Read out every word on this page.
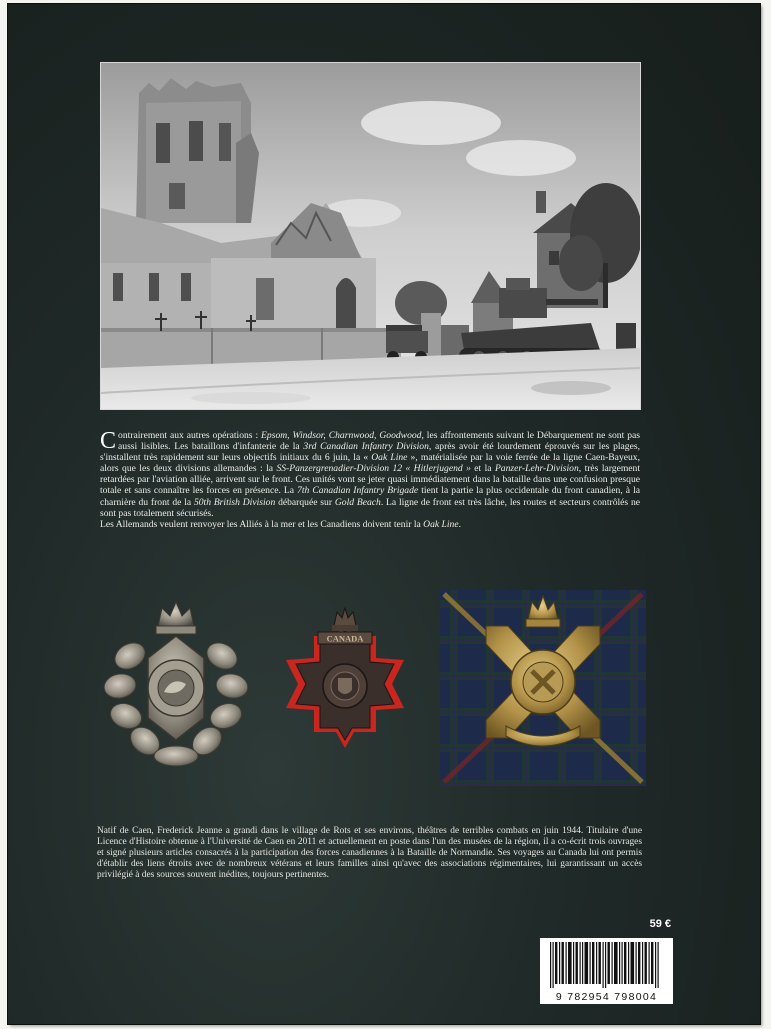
Contrairement aux autres opérations : Epsom, Windsor, Charnwood, Goodwood, les affrontements suivant le Débarquement ne sont pas aussi lisibles. Les bataillons d'infanterie de la 3rd Canadian Infantry Division, après avoir été lourdement éprouvés sur les plages, s'installent très rapidement sur leurs objectifs initiaux du 6 juin, la « Oak Line », matérialisée par la voie ferrée de la ligne Caen-Bayeux, alors que les deux divisions allemandes : la SS-Panzergrenadier-Division 12 « Hitlerjugend » et la Panzer-Lehr-Division, très largement retardées par l'aviation alliée, arrivent sur le front. Ces unités vont se jeter quasi immédiatement dans la bataille dans une confusion presque totale et sans connaître les forces en présence. La 7th Canadian Infantry Brigade tient la partie la plus occidentale du front canadien, à la charnière du front de la 50th British Division débarquée sur Gold Beach. La ligne de front est très lâche, les routes et secteurs contrôlés ne sont pas totalement sécurisés.
Les Allemands veulent renvoyer les Alliés à la mer et les Canadiens doivent tenir la Oak Line.

CANADA

Natif de Caen, Frederick Jeanne a grandi dans le village de Rots et ses environs, théâtres de terribles combats en juin 1944. Titulaire d'une Licence d'Histoire obtenue à l'Université de Caen en 2011 et actuellement en poste dans l'un des musées de la région, il a co-écrit trois ouvrages et signé plusieurs articles consacrés à la participation des forces canadiennes à la Bataille de Normandie. Ses voyages au Canada lui ont permis d'établir des liens étroits avec de nombreux vétérans et leurs familles ainsi qu'avec des associations régimentaires, lui garantissant un accès privilégié à des sources souvent inédites, toujours pertinentes.

59 €
9 782954 798004
